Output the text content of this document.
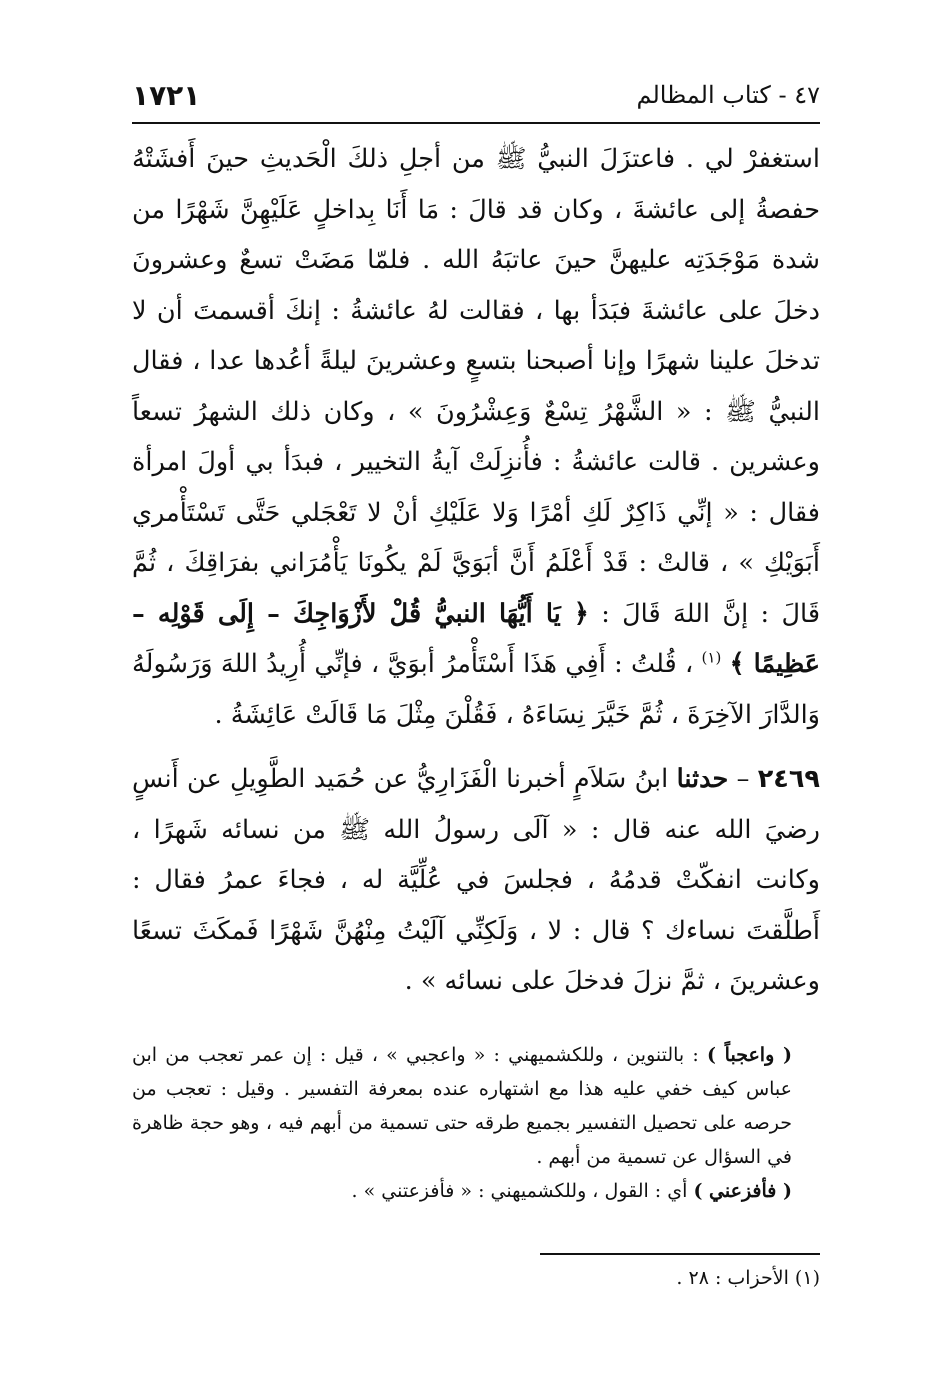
٤٧ - كتاب المظالم
١٧٢١

استغفرْ لي . فاعتزَلَ النبيُّ ﷺ من أجلِ ذلكَ الْحَديثِ حينَ أَفشَتْهُ حفصةُ إلى عائشةَ ، وكان قد قالَ : مَا أَنَا بِداخلٍ عَلَيْهِنَّ شَهْرًا من شدة مَوْجَدَتِه عليهنَّ حينَ عاتبَهُ الله . فلمّا مَضَتْ تسعٌ وعشرونَ دخلَ على عائشةَ فبَدَأ بها ، فقالت لهُ عائشةُ : إنكَ أقسمتَ أن لا تدخلَ علينا شهرًا وإنا أصبحنا بتسعٍ وعشرينَ ليلةً أعُدها عدا ، فقال النبيُّ ﷺ : « الشَّهْرُ تِسْعٌ وَعِشْرُونَ » ، وكان ذلك الشهرُ تسعاً وعشرين . قالت عائشةُ : فأُنزِلَتْ آيةُ التخيير ، فبدَأ بي أولَ امرأة فقال : « إنِّي ذَاكِرٌ لَكِ أمْرًا وَلا عَلَيْكِ أنْ لا تَعْجَلي حَتَّى تَسْتَأْمري أَبَوَيْكِ » ، قالتْ : قَدْ أَعْلَمُ أَنَّ أبَوَيَّ لَمْ يكُونَا يَأْمُرَاني بفرَاقِكَ ، ثُمَّ قَالَ : إنَّ اللهَ قَالَ : ﴿ يَا أَيُّهَا النبيُّ قُلْ لأَزْوَاجِكَ – إِلَى قَوْلِه – عَظِيمًا ﴾ $^{(١)}$ ، قُلتُ : أَفِي هَذَا أَسْتَأْمرُ أبوَيَّ ، فإنِّي أُرِيدُ اللهَ وَرَسُولَهُ وَالدَّارَ الآخِرَةَ ، ثُمَّ خَيَّرَ نِسَاءَهُ ، فَقُلْنَ مِثْلَ مَا قَالَتْ عَائِشَةُ .

٢٤٦٩ – حدثنا ابنُ سَلاَمٍ أخبرنا الْفَزَارِيُّ عن حُمَيد الطَّوِيلِ عن أَنسٍ رضيَ الله عنه قال : « آلَى رسولُ الله ﷺ من نسائه شَهرًا ، وكانت انفكّتْ قدمُهُ ، فجلسَ في عُلِّيَّة له ، فجاءَ عمرُ فقال : أَطلَّقتَ نساءك ؟ قال : لا ، وَلَكِنِّي آلَيْتُ مِنْهُنَّ شَهْرًا فَمكَثَ تسعًا وعشرينَ ، ثمَّ نزلَ فدخلَ على نسائه » .

( واعجباً ) : بالتنوين ، وللكشميهني : « واعجبي » ، قيل : إن عمر تعجب من ابن عباس كيف خفي عليه هذا مع اشتهاره عنده بمعرفة التفسير . وقيل : تعجب من حرصه على تحصيل التفسير بجميع طرقه حتى تسمية من أبهم فيه ، وهو حجة ظاهرة في السؤال عن تسمية من أبهم .

( فأفزعني ) أي : القول ، وللكشميهني : « فأفزعتني » .

(١) الأحزاب : ٢٨ .
